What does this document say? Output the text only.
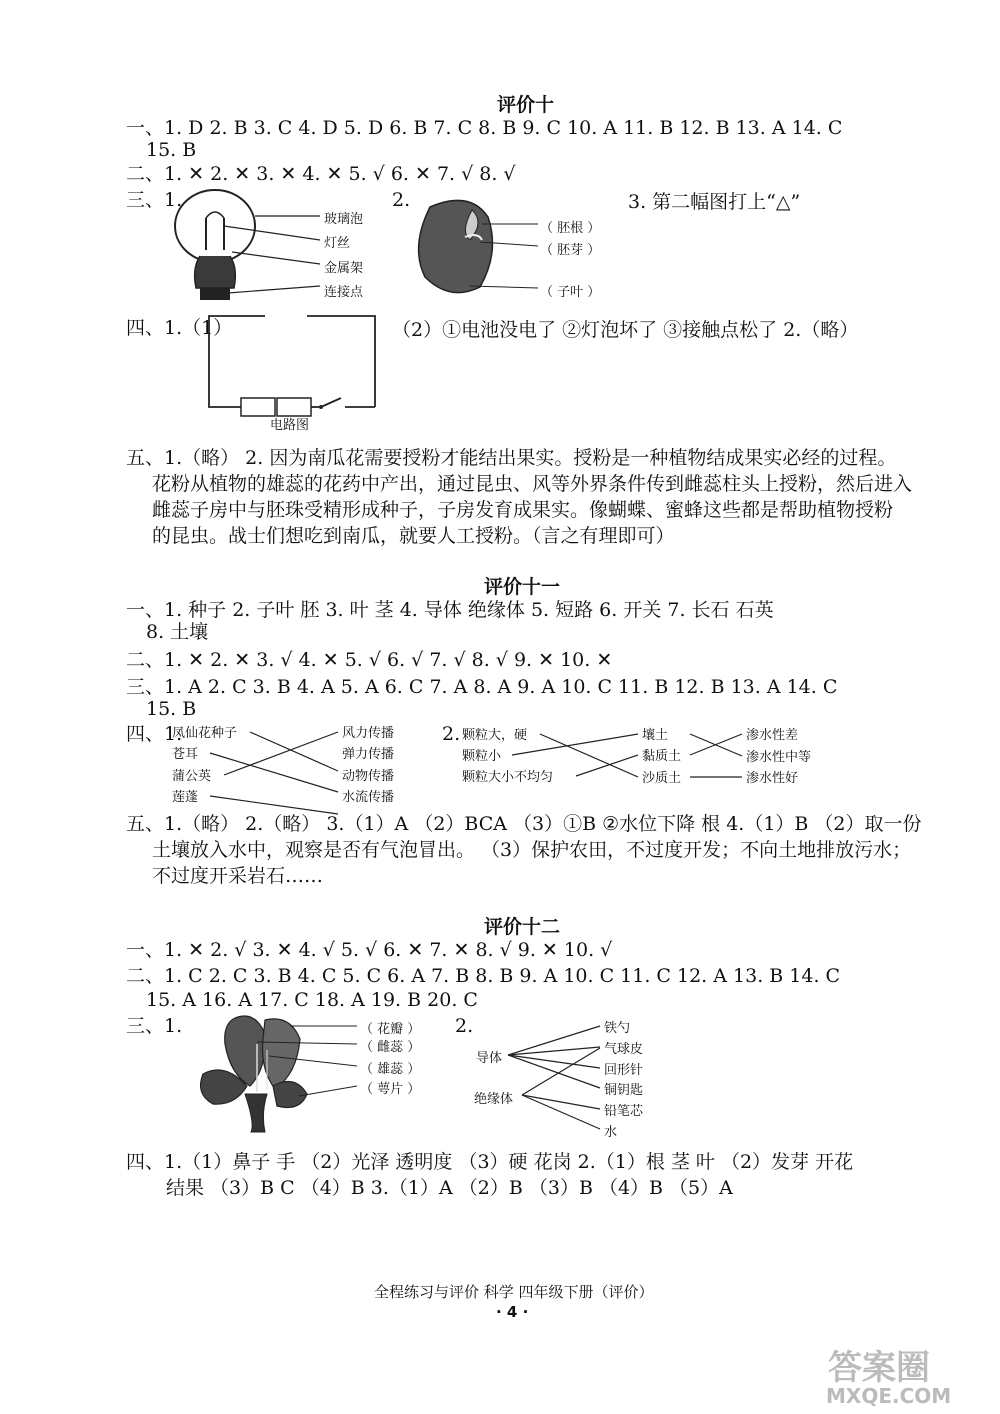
评价十
一、1. D 2. B 3. C 4. D 5. D 6. B 7. C 8. B 9. C 10. A 11. B 12. B 13. A 14. C
15. B
二、1. ✕ 2. ✕ 3. ✕ 4. ✕ 5. √ 6. ✕ 7. √ 8. √
三、1.
玻璃泡
灯丝
金属架
连接点
2.
（ 胚根 ）
（ 胚芽 ）
（ 子叶 ）
3. 第二幅图打上“△”
四、1.（1）
电路图
（2）①电池没电了 ②灯泡坏了 ③接触点松了 2.（略）
五、1.（略） 2. 因为南瓜花需要授粉才能结出果实。授粉是一种植物结成果实必经的过程。
花粉从植物的雄蕊的花药中产出，通过昆虫、风等外界条件传到雌蕊柱头上授粉，然后进入
雌蕊子房中与胚珠受精形成种子，子房发育成果实。像蝴蝶、蜜蜂这些都是帮助植物授粉
的昆虫。战士们想吃到南瓜，就要人工授粉。（言之有理即可）
评价十一
一、1. 种子 2. 子叶 胚 3. 叶 茎 4. 导体 绝缘体 5. 短路 6. 开关 7. 长石 石英
8. 土壤
二、1. ✕ 2. ✕ 3. √ 4. ✕ 5. √ 6. √ 7. √ 8. √ 9. ✕ 10. ✕
三、1. A 2. C 3. B 4. A 5. A 6. C 7. A 8. A 9. A 10. C 11. B 12. B 13. A 14. C
15. B
四、1.
凤仙花种子
苍耳
蒲公英
莲蓬
风力传播
弹力传播
动物传播
水流传播
2. 颗粒大，硬
颗粒小
颗粒大小不均匀
壤土
黏质土
沙质土
渗水性差
渗水性中等
渗水性好
五、1.（略） 2.（略） 3.（1）A （2）BCA （3）①B ②水位下降 根 4.（1）B （2）取一份
土壤放入水中，观察是否有气泡冒出。 （3）保护农田，不过度开发；不向土地排放污水；
不过度开采岩石……
评价十二
一、1. ✕ 2. √ 3. ✕ 4. √ 5. √ 6. ✕ 7. ✕ 8. √ 9. ✕ 10. √
二、1. C 2. C 3. B 4. C 5. C 6. A 7. B 8. B 9. A 10. C 11. C 12. A 13. B 14. C
15. A 16. A 17. C 18. A 19. B 20. C
三、1.	（ 花瓣 ）
（ 雌蕊 ）
（ 雄蕊 ）
（ 萼片 ）
2.
导体
绝缘体
铁勺
气球皮
回形针
铜钥匙
铅笔芯
水
四、1.（1）鼻子 手 （2）光泽 透明度 （3）硬 花岗 2.（1）根 茎 叶 （2）发芽 开花
结果 （3）B C （4）B 3.（1）A （2）B （3）B （4）B （5）A
全程练习与评价 科学 四年级下册（评价）
· 4 ·
答案圈
MXQE.COM
